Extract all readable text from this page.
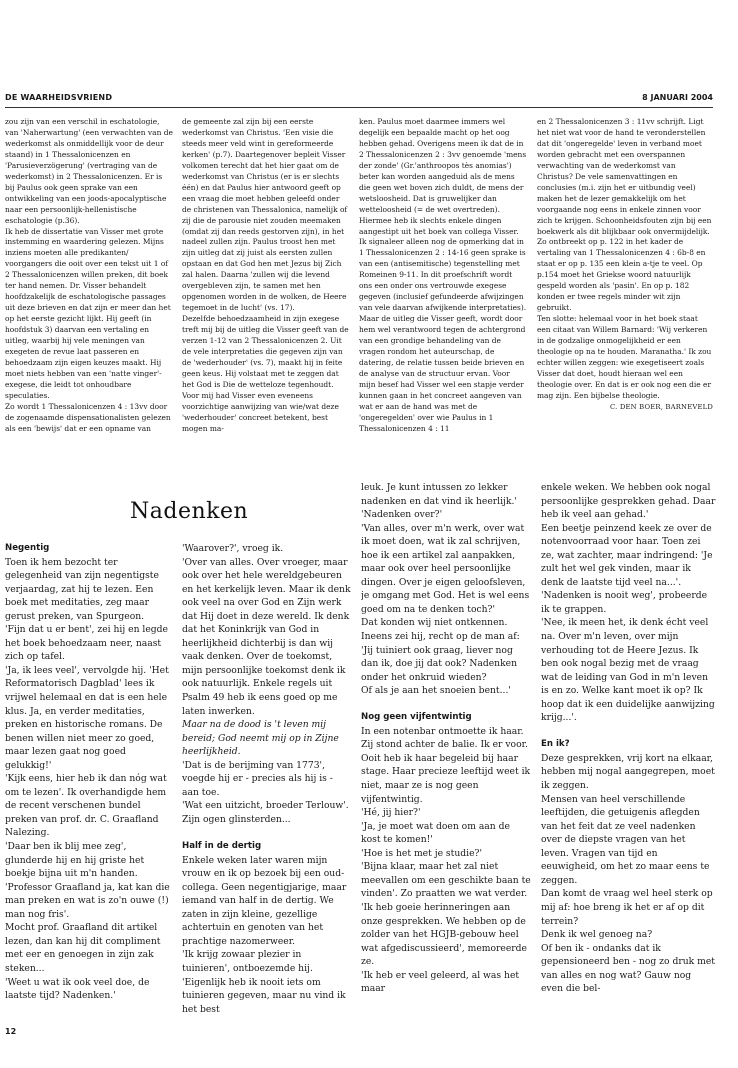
DE WAARHEIDSVRIEND	8 JANUARI 2004

zou zijn van een verschil in eschatologie, van 'Naherwartung' (een verwachten van de wederkomst als onmiddellijk voor de deur staand) in 1 Thessalonicenzen en 'Parusieverzögerung' (vertraging van de wederkomst) in 2 Thessalonicenzen. Er is bij Paulus ook geen sprake van een ontwikkeling van een joods-apocalyptische naar een persoonlijk-hellenistische eschatologie (p.36).

Ik heb de dissertatie van Visser met grote instemming en waardering gelezen. Mijns inziens moeten alle predikanten/ voorgangers die ooit over een tekst uit 1 of 2 Thessalonicenzen willen preken, dit boek ter hand nemen. Dr. Visser behandelt hoofdzakelijk de eschatologische passages uit deze brieven en dat zijn er meer dan het op het eerste gezicht lijkt. Hij geeft (in hoofdstuk 3) daarvan een vertaling en uitleg, waarbij hij vele meningen van exegeten de revue laat passeren en behoedzaam zijn eigen keuzes maakt. Hij moet niets hebben van een 'natte vinger'-exegese, die leidt tot onhoudbare speculaties.

Zo wordt 1 Thessalonicenzen 4 : 13vv door de zogenaamde dispensationalisten gelezen als een 'bewijs' dat er een opname van

de gemeente zal zijn bij een eerste wederkomst van Christus. 'Een visie die steeds meer veld wint in gereformeerde kerken' (p.7). Daartegenover bepleit Visser volkomen terecht dat het hier gaat om de wederkomst van Christus (er is er slechts één) en dat Paulus hier antwoord geeft op een vraag die moet hebben geleefd onder de christenen van Thessalonica, namelijk of zij die de parousie niet zouden meemaken (omdat zij dan reeds gestorven zijn), in het nadeel zullen zijn. Paulus troost hen met zijn uitleg dat zij juist als eersten zullen opstaan en dat God hen met Jezus bij Zich zal halen. Daarna 'zullen wij die levend overgebleven zijn, te samen met hen opgenomen worden in de wolken, de Heere tegemoet in de lucht' (vs. 17).

Dezelfde behoedzaamheid in zijn exegese treft mij bij de uitleg die Visser geeft van de verzen 1-12 van 2 Thessalonicenzen 2. Uit de vele interpretaties die gegeven zijn van de 'wederhouder' (vs. 7), maakt hij in feite geen keus. Hij volstaat met te zeggen dat het God is Die de wetteloze tegenhoudt. Voor mij had Visser even eveneens voorzichtige aanwijzing van wie/wat deze 'wederhouder' concreet betekent, best mogen ma-

ken. Paulus moet daarmee immers wel degelijk een bepaalde macht op het oog hebben gehad. Overigens meen ik dat de in 2 Thessalonicenzen 2 : 3vv genoemde 'mens der zonde' (Gr.'anthroopos tès anomias') beter kan worden aangeduid als de mens die geen wet boven zich duldt, de mens der wetsloosheid. Dat is gruwelijker dan wetteloosheid (= de wet overtreden). Hiermee heb ik slechts enkele dingen aangestipt uit het boek van collega Visser. Ik signaleer alleen nog de opmerking dat in 1 Thessalonicenzen 2 : 14-16 geen sprake is van een (antisemitische) tegenstelling met Romeinen 9-11. In dit proefschrift wordt ons een onder ons vertrouwde exegese gegeven (inclusief gefundeerde afwijzingen van vele daarvan afwijkende interpretaties). Maar de uitleg die Visser geeft, wordt door hem wel verantwoord tegen de achtergrond van een grondige behandeling van de vragen rondom het auteurschap, de datering, de relatie tussen beide brieven en de analyse van de structuur ervan. Voor mijn besef had Visser wel een stapje verder kunnen gaan in het concreet aangeven van wat er aan de hand was met de 'ongeregelden' over wie Paulus in 1 Thessalonicenzen 4 : 11

en 2 Thessalonicenzen 3 : 11vv schrijft. Ligt het niet wat voor de hand te veronderstellen dat dit 'ongeregelde' leven in verband moet worden gebracht met een overspannen verwachting van de wederkomst van Christus? De vele samenvattingen en conclusies (m.i. zijn het er uitbundig veel) maken het de lezer gemakkelijk om het voorgaande nog eens in enkele zinnen voor zich te krijgen. Schoonheidsfouten zijn bij een boekwerk als dit blijkbaar ook onvermijdelijk. Zo ontbreekt op p. 122 in het kader de vertaling van 1 Thessalonicenzen 4 : 6b-8 en staat er op p. 135 een klein a-tje te veel. Op p.154 moet het Griekse woord natuurlijk gespeld worden als 'pasin'. En op p. 182 konden er twee regels minder wit zijn gebruikt.

Ten slotte: helemaal voor in het boek staat een citaat van Willem Barnard: 'Wij verkeren in de godzalige onmogelijkheid er een theologie op na te houden. Maranatha.' Ik zou echter willen zeggen: wie exegetiseert zoals Visser dat doet, houdt hieraan wel een theologie over. En dat is er ook nog een die er mag zijn. Een bijbelse theologie.

C. DEN BOER, BARNEVELD

Nadenken
Negentig

Toen ik hem bezocht ter gelegenheid van zijn negentigste verjaardag, zat hij te lezen. Een boek met meditaties, zeg maar gerust preken, van Spurgeon.

'Fijn dat u er bent', zei hij en legde het boek behoedzaam neer, naast zich op tafel.

'Ja, ik lees veel', vervolgde hij. 'Het Reformatorisch Dagblad' lees ik vrijwel helemaal en dat is een hele klus. Ja, en verder meditaties, preken en historische romans. De benen willen niet meer zo goed, maar lezen gaat nog goed gelukkig!'

'Kijk eens, hier heb ik dan nóg wat om te lezen'. Ik overhandigde hem de recent verschenen bundel preken van prof. dr. C. Graafland Nalezing.

'Daar ben ik blij mee zeg', glunderde hij en hij griste het boekje bijna uit m'n handen.

'Professor Graafland ja, kat kan die man preken en wat is zo'n ouwe (!) man nog fris'.

Mocht prof. Graafland dit artikel lezen, dan kan hij dit compliment met eer en genoegen in zijn zak steken...

'Weet u wat ik ook veel doe, de laatste tijd? Nadenken.'

'Waarover?', vroeg ik.

'Over van alles. Over vroeger, maar ook over het hele wereldgebeuren en het kerkelijk leven. Maar ik denk ook veel na over God en Zijn werk dat Hij doet in deze wereld. Ik denk dat het Koninkrijk van God in heerlijkheid dichterbij is dan wij vaak denken. Over de toekomst, mijn persoonlijke toekomst denk ik ook natuurlijk. Enkele regels uit Psalm 49 heb ik eens goed op me laten inwerken.

Maar na de dood is 't leven mij bereid; God neemt mij op in Zijne heerlijkheid.

'Dat is de berijming van 1773', voegde hij er - precies als hij is - aan toe.

'Wat een uitzicht, broeder Terlouw'. Zijn ogen glinsterden...

Half in de dertig

Enkele weken later waren mijn vrouw en ik op bezoek bij een oud-collega. Geen negentigjarige, maar iemand van half in de dertig. We zaten in zijn kleine, gezellige achtertuin en genoten van het prachtige nazomerweer.

'Ik krijg zowaar plezier in tuinieren', ontboezemde hij.

'Eigenlijk heb ik nooit iets om tuinieren gegeven, maar nu vind ik het best

leuk. Je kunt intussen zo lekker nadenken en dat vind ik heerlijk.'

'Nadenken over?'

'Van alles, over m'n werk, over wat ik moet doen, wat ik zal schrijven, hoe ik een artikel zal aanpakken, maar ook over heel persoonlijke dingen. Over je eigen geloofsleven, je omgang met God. Het is wel eens goed om na te denken toch?'

Dat konden wij niet ontkennen.

Ineens zei hij, recht op de man af: 'Jij tuiniert ook graag, liever nog dan ik, doe jij dat ook? Nadenken onder het onkruid wieden?

Of als je aan het snoeien bent...'

Nog geen vijfentwintig

In een notenbar ontmoette ik haar. Zij stond achter de balie. Ik er voor.

Ooit heb ik haar begeleid bij haar stage. Haar precieze leeftijd weet ik niet, maar ze is nog geen vijfentwintig.

'Hé, jij hier?'

'Ja, je moet wat doen om aan de kost te komen!'

'Hoe is het met je studie?'

'Bijna klaar, maar het zal niet meevallen om een geschikte baan te vinden'. Zo praatten we wat verder.

'Ik heb goeie herinneringen aan onze gesprekken. We hebben op de zolder van het HGJB-gebouw heel wat afgediscussieerd', memoreerde ze.

'Ik heb er veel geleerd, al was het maar

enkele weken. We hebben ook nogal persoonlijke gesprekken gehad. Daar heb ik veel aan gehad.'

Een beetje peinzend keek ze over de notenvoorraad voor haar. Toen zei ze, wat zachter, maar indringend: 'Je zult het wel gek vinden, maar ik denk de laatste tijd veel na...'.

'Nadenken is nooit weg', probeerde ik te grappen.

'Nee, ik meen het, ik denk écht veel na. Over m'n leven, over mijn verhouding tot de Heere Jezus. Ik ben ook nogal bezig met de vraag wat de leiding van God in m'n leven is en zo. Welke kant moet ik op? Ik hoop dat ik een duidelijke aanwijzing krijg...'.

En ik?

Deze gesprekken, vrij kort na elkaar, hebben mij nogal aangegrepen, moet ik zeggen.

Mensen van heel verschillende leeftijden, die getuigenis aflegden van het feit dat ze veel nadenken over de diepste vragen van het leven. Vragen van tijd en eeuwigheid, om het zo maar eens te zeggen.

Dan komt de vraag wel heel sterk op mij af: hoe breng ik het er af op dit terrein?

Denk ik wel genoeg na?

Of ben ik - ondanks dat ik gepensioneerd ben - nog zo druk met van alles en nog wat? Gauw nog even die bel-

12
